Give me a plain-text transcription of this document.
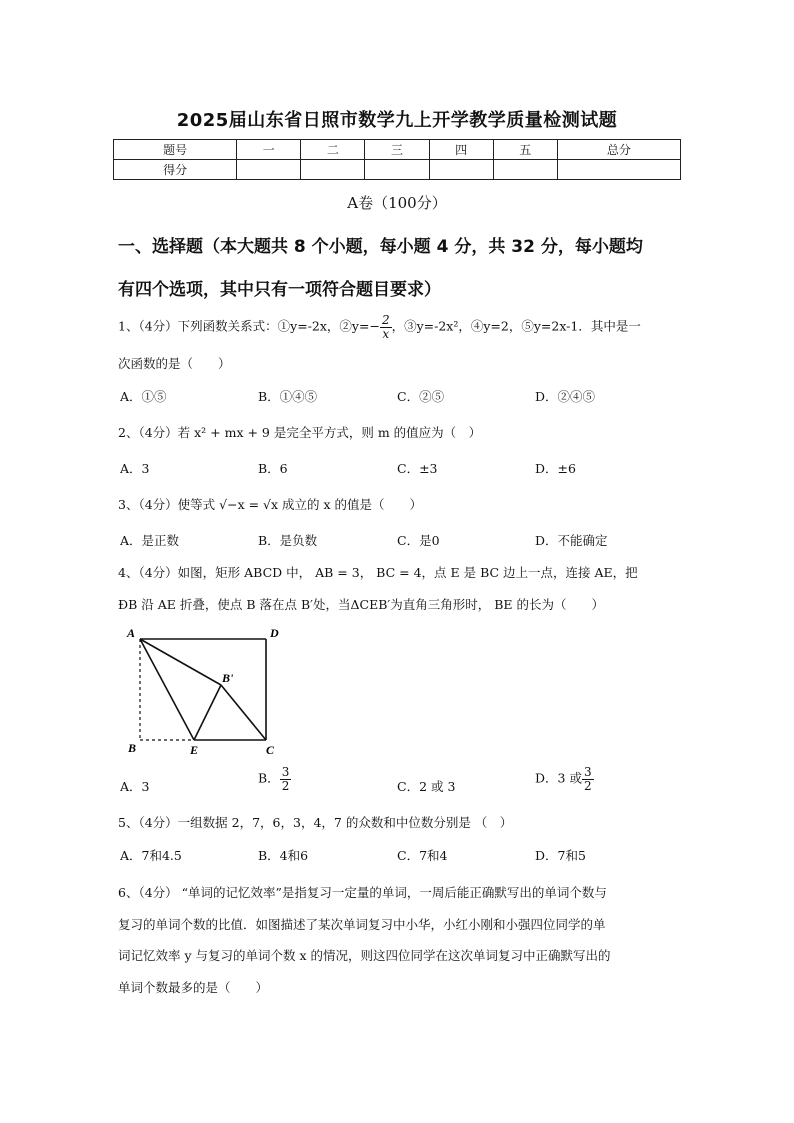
2025届山东省日照市数学九上开学教学质量检测试题
题号	一	二	三	四	五	总分
得分						
A卷（100分）
一、选择题（本大题共 8 个小题，每小题 4 分，共 32 分，每小题均
有四个选项，其中只有一项符合题目要求）
1、（4分）下列函数关系式：①y=-2x，②y=− $\frac{2}{x}$ ，③y=-2x²，④y=2，⑤y=2x-1．其中是一
次函数的是（　　）
A．①⑤	B．①④⑤	C．②⑤	D．②④⑤
2、（4分）若 x² + mx + 9 是完全平方式，则 m 的值应为（　）
A．3	B．6	C．±3	D．±6
3、（4分）使等式 √−x = √x 成立的 x 的值是（　　）
A．是正数	B．是负数	C．是0	D．不能确定
4、（4分）如图，矩形 ABCD 中， AB = 3， BC = 4，点 E 是 BC 边上一点，连接 AE，把
ÐB 沿 AE 折叠，使点 B 落在点 B′处，当ΔCEB′为直角三角形时， BE 的长为（　　）
A	D
B	E	C
B'
A．3
B． $\frac{3}{2}$	C．2 或 3
D．3 或 $\frac{3}{2}$
5、（4分）一组数据 2，7，6，3，4，7 的众数和中位数分别是 （　）
A．7和4.5	B．4和6	C．7和4	D．7和5
6、（4分） “单词的记忆效率”是指复习一定量的单词，一周后能正确默写出的单词个数与
复习的单词个数的比值．如图描述了某次单词复习中小华，小红小刚和小强四位同学的单
词记忆效率 y 与复习的单词个数 x 的情况，则这四位同学在这次单词复习中正确默写出的
单词个数最多的是（　　）
